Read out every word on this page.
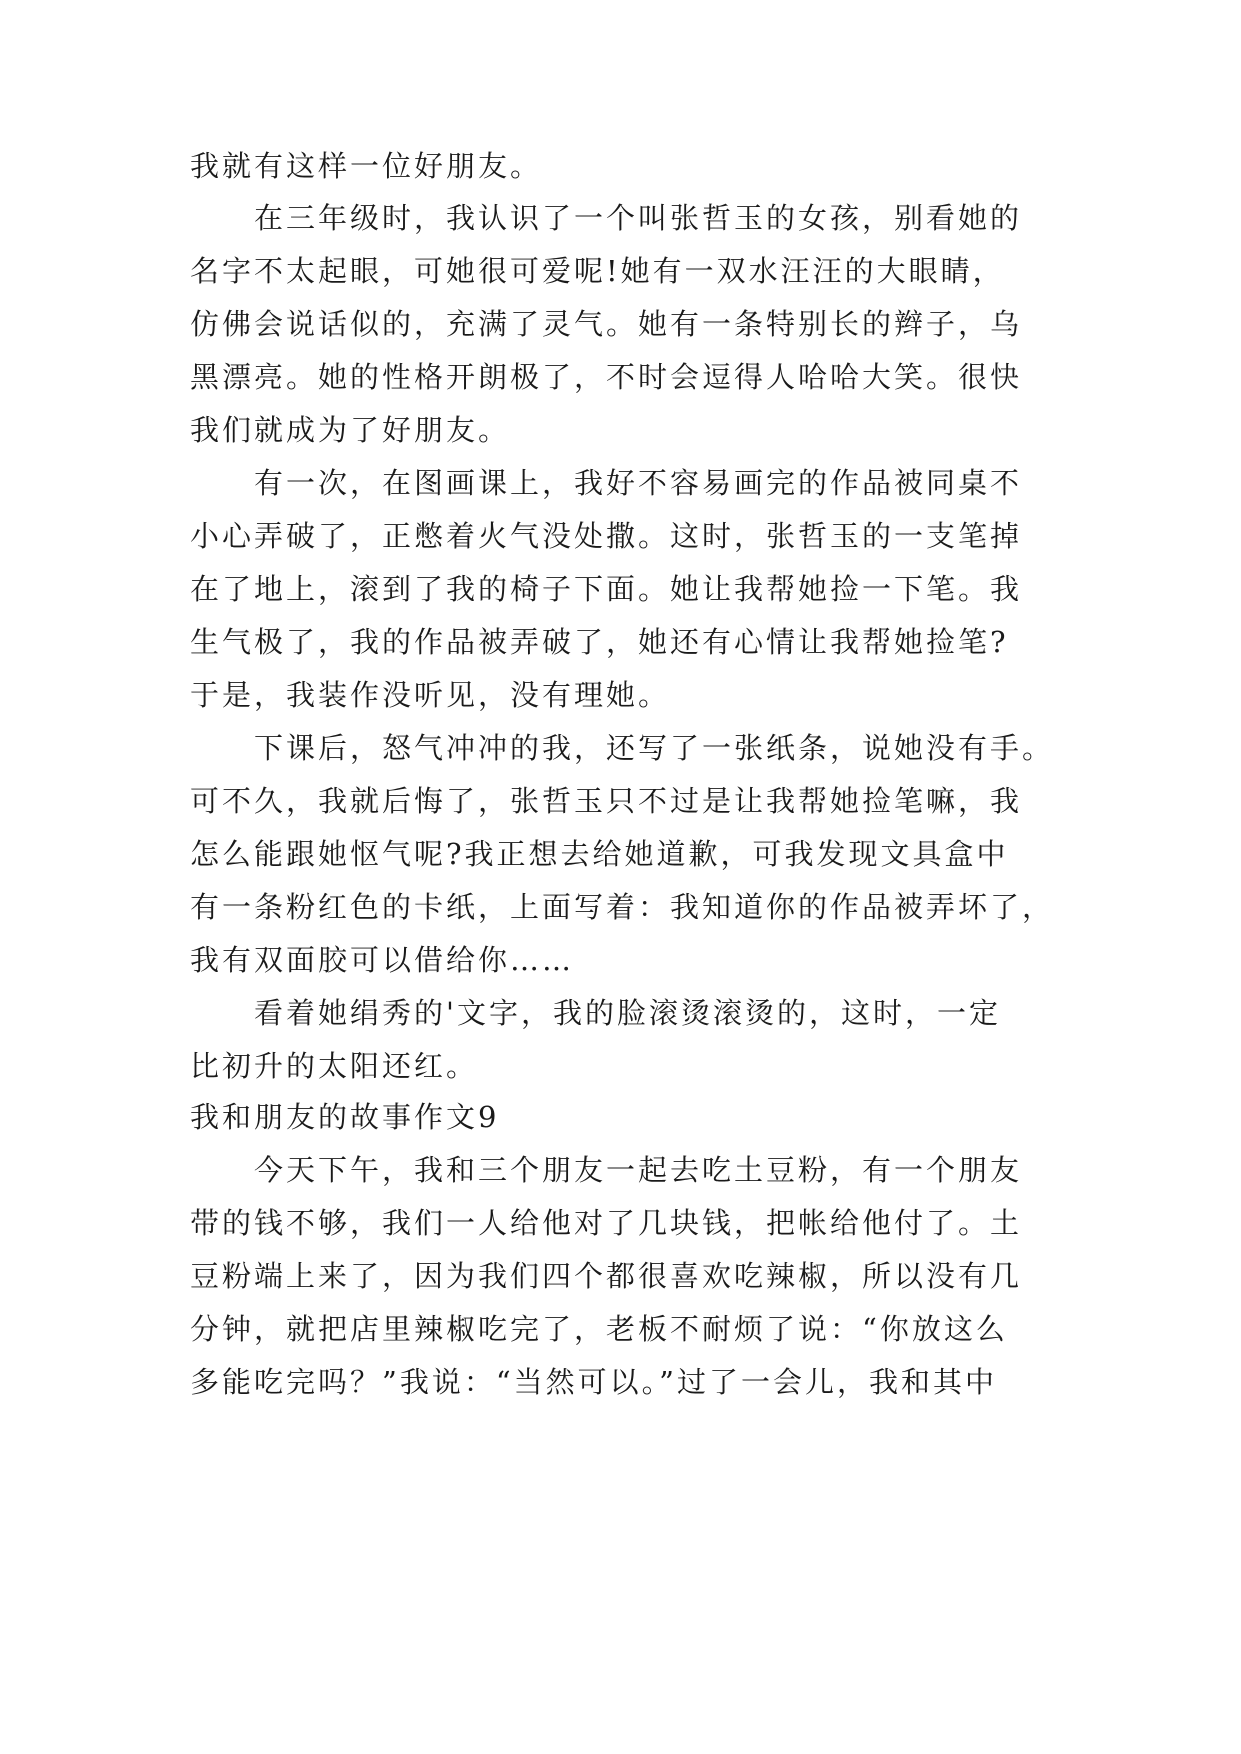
我就有这样一位好朋友。
在三年级时，我认识了一个叫张哲玉的女孩，别看她的
名字不太起眼，可她很可爱呢!她有一双水汪汪的大眼睛，
仿佛会说话似的，充满了灵气。她有一条特别长的辫子，乌
黑漂亮。她的性格开朗极了，不时会逗得人哈哈大笑。很快
我们就成为了好朋友。
有一次，在图画课上，我好不容易画完的作品被同桌不
小心弄破了，正憋着火气没处撒。这时，张哲玉的一支笔掉
在了地上，滚到了我的椅子下面。她让我帮她捡一下笔。我
生气极了，我的作品被弄破了，她还有心情让我帮她捡笔?
于是，我装作没听见，没有理她。
下课后，怒气冲冲的我，还写了一张纸条，说她没有手。
可不久，我就后悔了，张哲玉只不过是让我帮她捡笔嘛，我
怎么能跟她怄气呢?我正想去给她道歉，可我发现文具盒中
有一条粉红色的卡纸，上面写着：我知道你的作品被弄坏了，
我有双面胶可以借给你……
看着她绢秀的'文字，我的脸滚烫滚烫的，这时，一定
比初升的太阳还红。
我和朋友的故事作文9
今天下午，我和三个朋友一起去吃土豆粉，有一个朋友
带的钱不够，我们一人给他对了几块钱，把帐给他付了。土
豆粉端上来了，因为我们四个都很喜欢吃辣椒，所以没有几
分钟，就把店里辣椒吃完了，老板不耐烦了说：“你放这么
多能吃完吗？”我说：“当然可以。”过了一会儿，我和其中
